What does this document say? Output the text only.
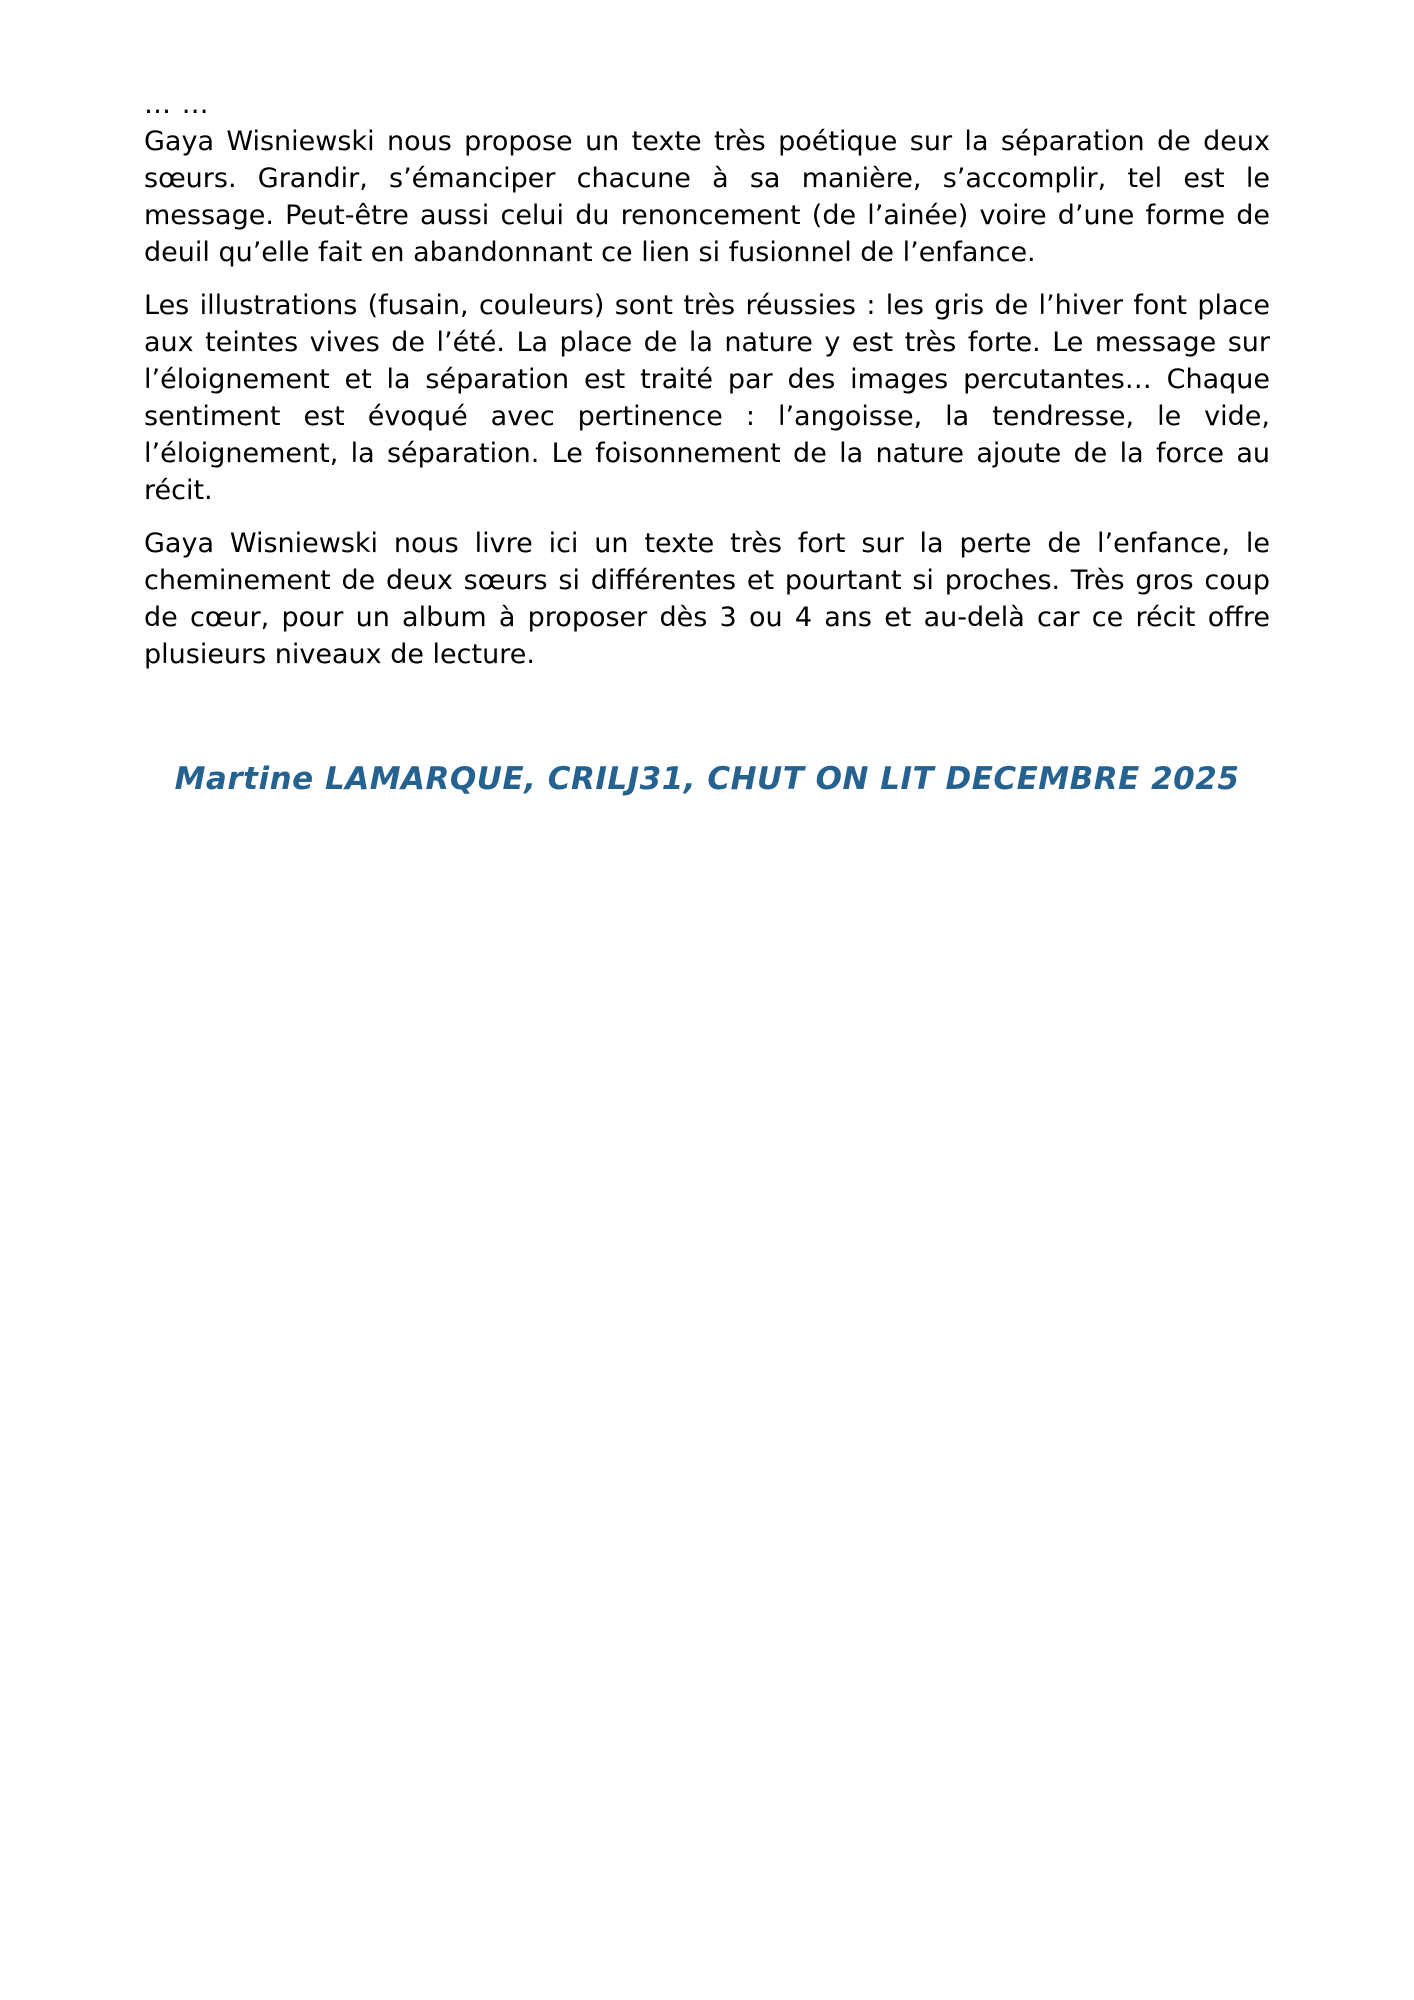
… …

Gaya Wisniewski nous propose un texte très poétique sur la séparation de deux sœurs. Grandir, s’émanciper chacune à sa manière, s’accomplir, tel est le message. Peut-être aussi celui du renoncement (de l’ainée) voire d’une forme de deuil qu’elle fait en abandonnant ce lien si fusionnel de l’enfance.

Les illustrations (fusain, couleurs) sont très réussies : les gris de l’hiver font place aux teintes vives de l’été. La place de la nature y est très forte. Le message sur l’éloignement et la séparation est traité par des images percutantes… Chaque sentiment est évoqué avec pertinence : l’angoisse, la tendresse, le vide, l’éloignement, la séparation. Le foisonnement de la nature ajoute de la force au récit.

Gaya Wisniewski nous livre ici un texte très fort sur la perte de l’enfance, le cheminement de deux sœurs si différentes et pourtant si proches. Très gros coup de cœur, pour un album à proposer dès 3 ou 4 ans et au-delà car ce récit offre plusieurs niveaux de lecture.

Martine LAMARQUE, CRILJ31, CHUT ON LIT DECEMBRE 2025
